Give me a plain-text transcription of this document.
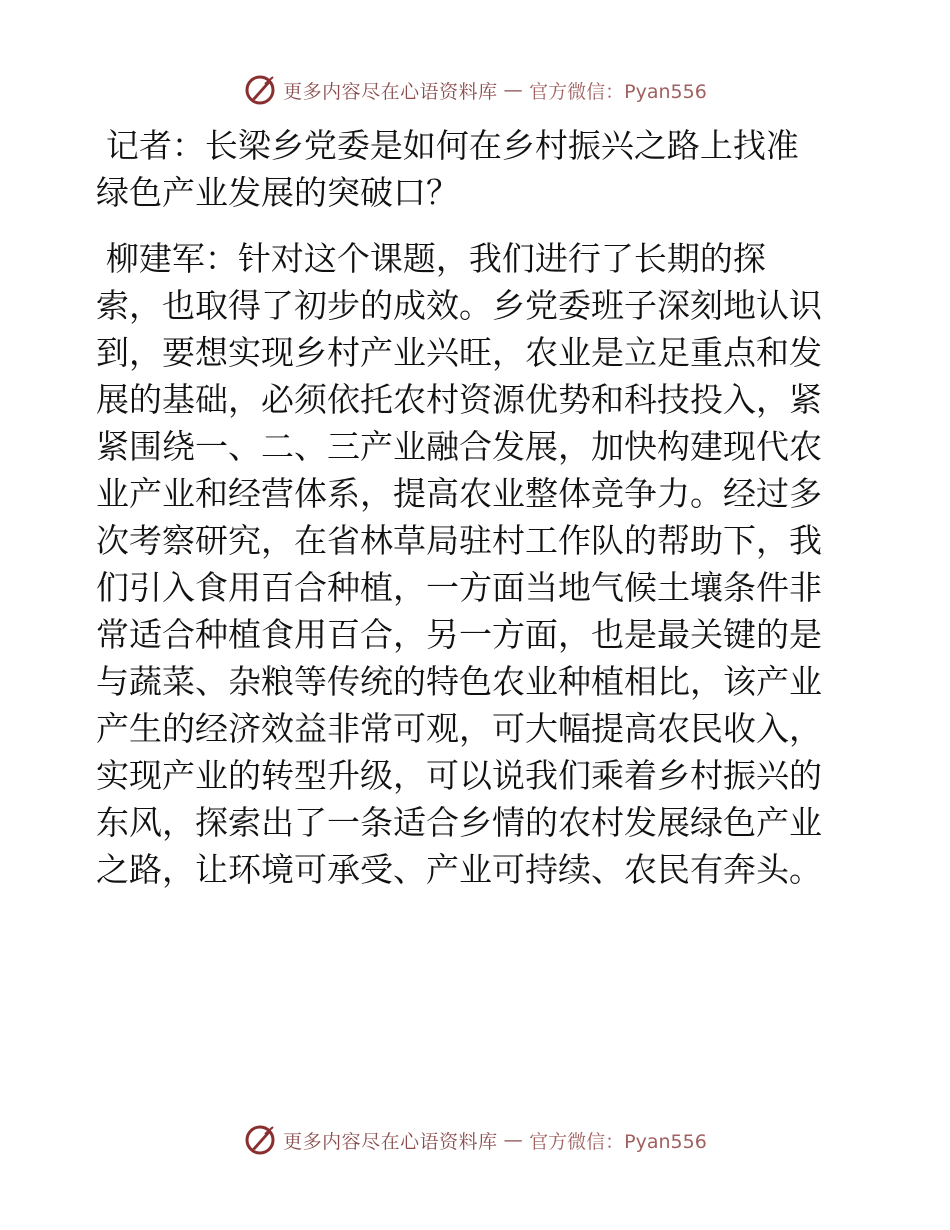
更多内容尽在心语资料库 — 官方微信：Pyan556

记者：长梁乡党委是如何在乡村振兴之路上找准
绿色产业发展的突破口？

柳建军：针对这个课题，我们进行了长期的探
索，也取得了初步的成效。乡党委班子深刻地认识
到，要想实现乡村产业兴旺，农业是立足重点和发
展的基础，必须依托农村资源优势和科技投入，紧
紧围绕一、二、三产业融合发展，加快构建现代农
业产业和经营体系，提高农业整体竞争力。经过多
次考察研究，在省林草局驻村工作队的帮助下，我
们引入食用百合种植，一方面当地气候土壤条件非
常适合种植食用百合，另一方面，也是最关键的是
与蔬菜、杂粮等传统的特色农业种植相比，该产业
产生的经济效益非常可观，可大幅提高农民收入，
实现产业的转型升级，可以说我们乘着乡村振兴的
东风，探索出了一条适合乡情的农村发展绿色产业
之路，让环境可承受、产业可持续、农民有奔头。

更多内容尽在心语资料库 — 官方微信：Pyan556
